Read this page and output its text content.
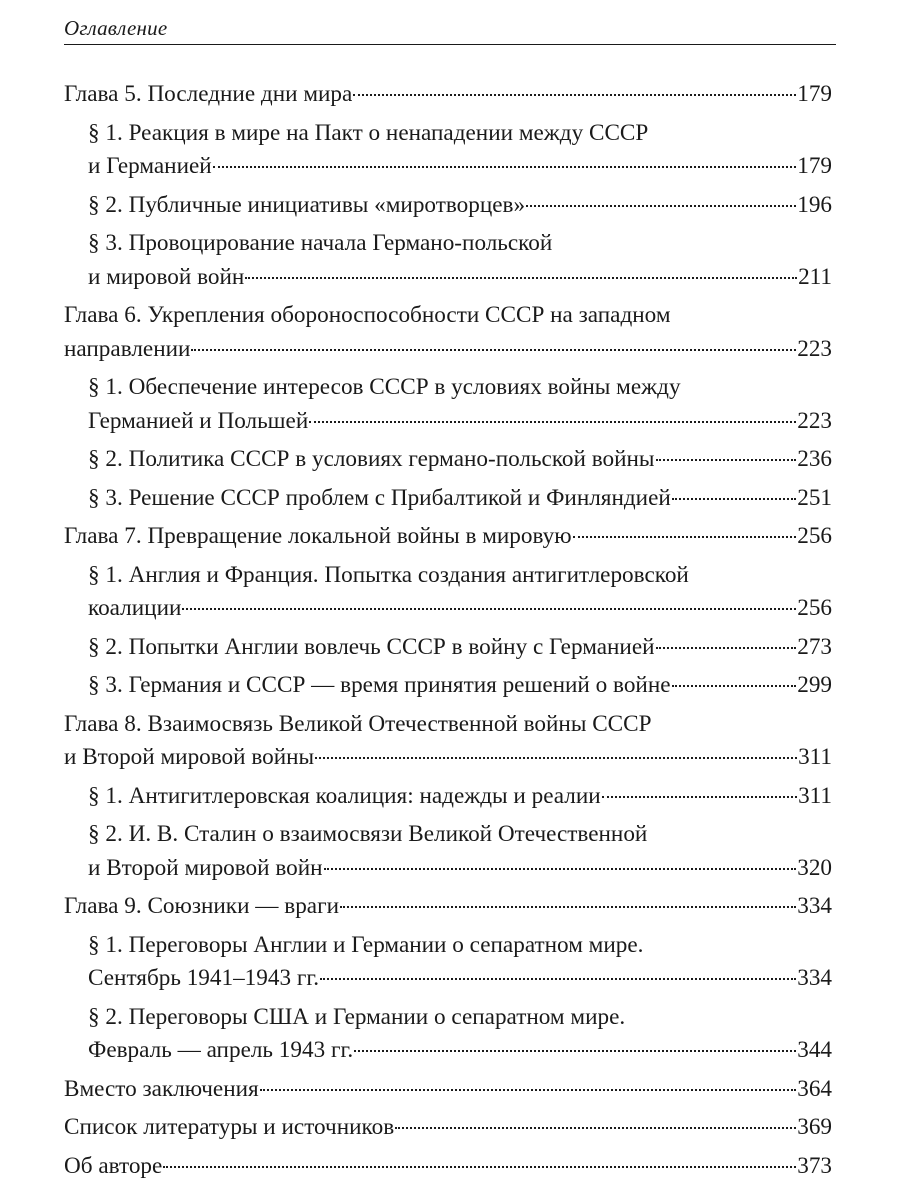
Оглавление
Глава 5. Последние дни мира	179
§ 1. Реакция в мире на Пакт о ненападении между СССР
и Германией	179
§ 2. Публичные инициативы «миротворцев»	196
§ 3. Провоцирование начала Германо-польской
и мировой войн	211
Глава 6. Укрепления обороноспособности СССР на западном
направлении	223
§ 1. Обеспечение интересов СССР в условиях войны между
Германией и Польшей	223
§ 2. Политика СССР в условиях германо-польской войны	236
§ 3. Решение СССР проблем с Прибалтикой и Финляндией	251
Глава 7. Превращение локальной войны в мировую	256
§ 1. Англия и Франция. Попытка создания антигитлеровской
коалиции	256
§ 2. Попытки Англии вовлечь СССР в войну с Германией	273
§ 3. Германия и СССР — время принятия решений о войне	299
Глава 8. Взаимосвязь Великой Отечественной войны СССР
и Второй мировой войны	311
§ 1. Антигитлеровская коалиция: надежды и реалии	311
§ 2. И. В. Сталин о взаимосвязи Великой Отечественной
и Второй мировой войн	320
Глава 9. Союзники — враги	334
§ 1. Переговоры Англии и Германии о сепаратном мире.
Сентябрь 1941–1943 гг.	334
§ 2. Переговоры США и Германии о сепаратном мире.
Февраль — апрель 1943 гг.	344
Вместо заключения	364
Список литературы и источников	369
Об авторе	373
